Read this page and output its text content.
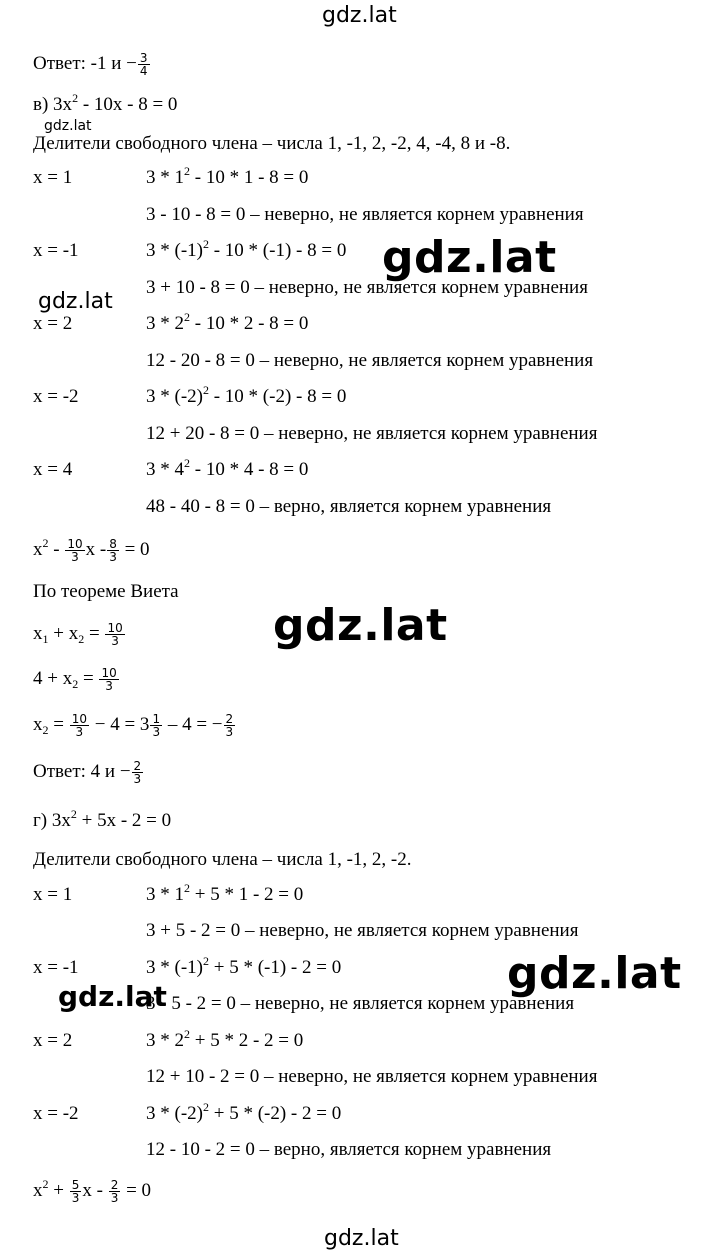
gdz.lat
gdz.lat
gdz.lat
gdz.lat
gdz.lat
gdz.lat
gdz.lat
gdz.lat
Ответ: -1 $и - \frac{3}{4}$
в) $3x^2 - 10x - 8 = 0$
Делители свободного члена – числа 1, -1, 2, -2, 4, -4, 8 и -8.
x = 1	$3 * 1^2 - 10 * 1 - 8 = 0$
3 - 10 - 8 = 0 – неверно, не является корнем уравнения
x = -1	$3 * (-1)^2 - 10 * (-1) - 8 = 0$
3 + 10 - 8 = 0 – неверно, не является корнем уравнения
x = 2	$3 * 2^2 - 10 * 2 - 8 = 0$
12 - 20 - 8 = 0 – неверно, не является корнем уравнения
x = -2	$3 * (-2)^2 - 10 * (-2) - 8 = 0$
12 + 20 - 8 = 0 – неверно, не является корнем уравнения
x = 4	$3 * 4^2 - 10 * 4 - 8 = 0$
48 - 40 - 8 = 0 – верно, является корнем уравнения
$x^2 - \frac{10}{3}$ $x - \frac{8}{3} = 0$
По теореме Виета
$x_1 + x_2 = \frac{10}{3}$
$4 + x_2 = \frac{10}{3}$
$x_2 = \frac{10}{3} - 4 = 3 \frac{1}{3} - 4$ = − $\frac{2}{3}$
Ответ: 4 $и - \frac{2}{3}$
г) $3x^2 + 5x - 2 = 0$
Делители свободного члена – числа 1, -1, 2, -2.
x = 1	$3 * 1^2 + 5 * 1 - 2 = 0$
3 + 5 - 2 = 0 – неверно, не является корнем уравнения
x = -1	$3 * (-1)^2 + 5 * (-1) - 2 = 0$
3 - 5 - 2 = 0 – неверно, не является корнем уравнения
x = 2	$3 * 2^2 + 5 * 2 - 2 = 0$
12 + 10 - 2 = 0 – неверно, не является корнем уравнения
x = -2	$3 * (-2)^2 + 5 * (-2) - 2 = 0$
12 - 10 - 2 = 0 – верно, является корнем уравнения
$x^2 + \frac{5}{3}$ $x - \frac{2}{3} = 0$
